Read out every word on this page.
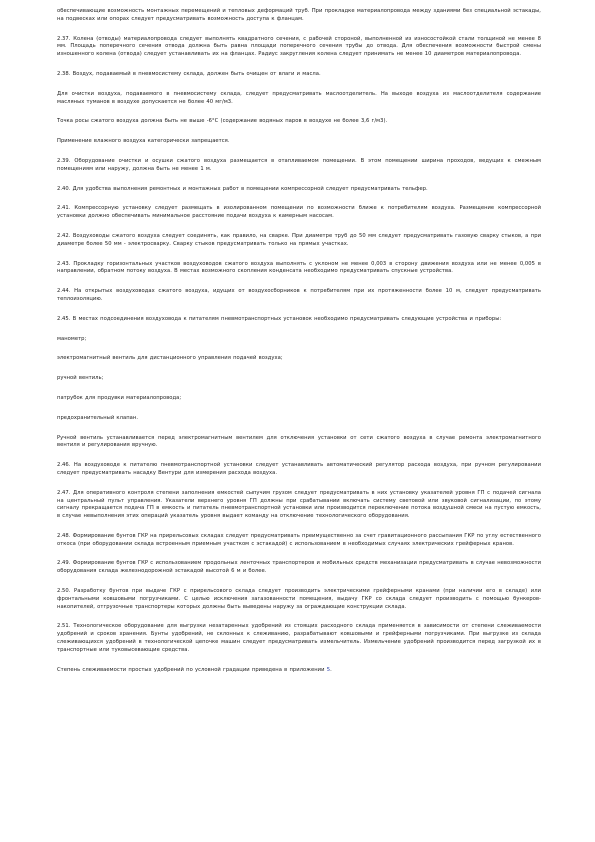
обеспечивающие возможность монтажных перемещений и тепловых деформаций труб. При прокладке материалопровода между зданиями без специальной эстакады, на подвесках или опорах следует предусматривать возможность доступа к фланцам.

2.37. Колена (отводы) материалопровода следует выполнять квадратного сечения, с рабочей стороной, выполненной из износостойкой стали толщиной не менее 8 мм. Площадь поперечного сечения отвода должна быть равна площади поперечного сечения трубы до отвода. Для обеспечения возможности быстрой смены изношенного колена (отвода) следует устанавливать их на фланцах. Радиус закругления колена следует принимать не менее 10 диаметров материалопровода.

2.38. Воздух, подаваемый в пневмосистему склада, должен быть очищен от влаги и масла.

Для очистки воздуха, подаваемого в пневмосистему склада, следует предусматривать маслоотделитель. На выходе воздуха из маслоотделителя содержание масляных туманов в воздухе допускается не более 40 мг/м3.

Точка росы сжатого воздуха должна быть не выше -6°С (содержание водяных паров в воздухе не более 3,6 г/м3).

Применение влажного воздуха категорически запрещается.

2.39. Оборудование очистки и осушки сжатого воздуха размещается в отапливаемом помещении. В этом помещении ширина проходов, ведущих к смежным помещениям или наружу, должна быть не менее 1 м.

2.40. Для удобства выполнения ремонтных и монтажных работ в помещении компрессорной следует предусматривать тельфер.

2.41. Компрессорную установку следует размещать в изолированном помещении по возможности ближе к потребителям воздуха. Размещение компрессорной установки должно обеспечивать минимальное расстояние подачи воздуха к камерным насосам.

2.42. Воздуховоды сжатого воздуха следует соединять, как правило, на сварке. При диаметре труб до 50 мм следует предусматривать газовую сварку стыков, а при диаметре более 50 мм - электросварку. Сварку стыков предусматривать только на прямых участках.

2.43. Прокладку горизонтальных участков воздуховодов сжатого воздуха выполнять с уклоном не менее 0,003 в сторону движения воздуха или не менее 0,005 в направлении, обратном потоку воздуха. В местах возможного скопления конденсата необходимо предусматривать спускные устройства.

2.44. На открытых воздуховодах сжатого воздуха, идущих от воздухосборников к потребителям при их протяженности более 10 м, следует предусматривать теплоизоляцию.

2.45. В местах подсоединения воздуховода к питателям пневмотранспортных установок необходимо предусматривать следующие устройства и приборы:

манометр;

электромагнитный вентиль для дистанционного управления подачей воздуха;

ручной вентиль;

патрубок для продувки материалопровода;

предохранительный клапан.

Ручной вентиль устанавливается перед электромагнитным вентилем для отключения установки от сети сжатого воздуха в случае ремонта электромагнитного вентиля и регулирования вручную.

2.46. На воздуховоде к питателю пневмотранспортной установки следует устанавливать автоматический регулятор расхода воздуха, при ручном регулировании следует предусматривать насадку Вентури для измерения расхода воздуха.

2.47. Для оперативного контроля степени заполнения емкостей сыпучим грузом следует предусматривать в них установку указателей уровня ГП с подачей сигнала на центральный пульт управления. Указатели верхнего уровня ГП должны при срабатывании включать систему световой или звуковой сигнализации, по этому сигналу прекращается подача ГП в емкость и питатель пневмотранспортной установки или производится переключение потока воздушной смеси на пустую емкость, в случае невыполнения этих операций указатель уровня выдает команду на отключение технологического оборудования.

2.48. Формирование бунтов ГКР на прирельсовых складах следует предусматривать преимущественно за счет гравитационного рассыпания ГКР по углу естественного откоса (при оборудовании склада встроенным приемным участком с эстакадой) с использованием в необходимых случаях электрических грейферных кранов.

2.49. Формирование бунтов ГКР с использованием продольных ленточных транспортеров и мобильных средств механизации предусматривать в случае невозможности оборудования склада железнодорожной эстакадой высотой 6 м и более.

2.50. Разработку бунтов при выдаче ГКР с прирельсового склада следует производить электрическими грейферными кранами (при наличии его в складе) или фронтальными ковшовыми погрузчиками. С целью исключения загазованности помещения, выдачу ГКР со склада следует производить с помощью бункеров-накопителей, отгрузочные транспортеры которых должны быть выведены наружу за ограждающие конструкции склада.

2.51. Технологическое оборудование для выгрузки незатаренных удобрений из стоящих расходного склада применяется в зависимости от степени слеживаемости удобрений и сроков хранения. Бунты удобрений, не склонных к слеживанию, разрабатывают ковшовыми и грейферными погрузчиками. При выгрузке из склада слеживающихся удобрений в технологической цепочке машин следует предусматривать измельчитель. Измельчение удобрений производится перед загрузкой их в транспортные или туковысевающие средства.

Степень слеживаемости простых удобрений по условной градации приведена в приложении 5.
